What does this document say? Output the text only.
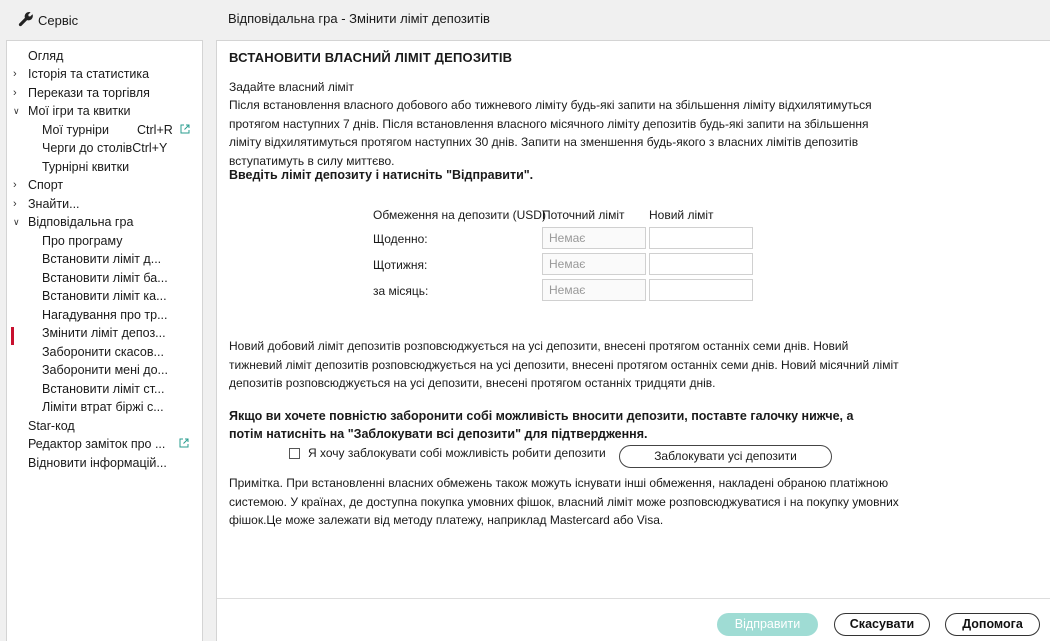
Сервіс	Відповідальна гра - Змінити ліміт депозитів
Огляд
› Історія та статистика
› Перекази та торгівля
∨ Мої ігри та квитки
Мої турніри Ctrl+R
Черги до столівCtrl+Y
Турнірні квитки
› Спорт
› Знайти...
∨ Відповідальна гра
Про програму
Встановити ліміт д...
Встановити ліміт ба...
Встановити ліміт ка...
Нагадування про тр...
Змінити ліміт депоз...
Заборонити скасов...
Заборонити мені до...
Встановити ліміт ст...
Ліміти втрат біржі с...
Star-код
Редактор заміток про ...
Відновити інформацій...
ВСТАНОВИТИ ВЛАСНИЙ ЛІМІТ ДЕПОЗИТІВ
Задайте власний ліміт
Після встановлення власного добового або тижневого ліміту будь-які запити на збільшення ліміту відхилятимуться протягом наступних 7 днів. Після встановлення власного місячного ліміту депозитів будь-які запити на збільшення ліміту відхилятимуться протягом наступних 30 днів. Запити на зменшення будь-якого з власних лімітів депозитів вступатимуть в силу миттєво.
Введіть ліміт депозиту і натисніть "Відправити".
Обмеження на депозити (USD)
Поточний ліміт Новий ліміт
Щоденно:	Немає
Щотижня:	Немає
за місяць:	Немає
Новий добовий ліміт депозитів розповсюджується на усі депозити, внесені протягом останніх семи днів. Новий тижневий ліміт депозитів розповсюджується на усі депозити, внесені протягом останніх семи днів. Новий місячний ліміт депозитів розповсюджується на усі депозити, внесені протягом останніх тридцяти днів.
Якщо ви хочете повністю заборонити собі можливість вносити депозити, поставте галочку нижче, а потім натисніть на "Заблокувати всі депозити" для підтвердження.
Я хочу заблокувати собі можливість робити депозити	Заблокувати усі депозити
Примітка. При встановленні власних обмежень також можуть існувати інші обмеження, накладені обраною платіжною системою. У країнах, де доступна покупка умовних фішок, власний ліміт може розповсюджуватися і на покупку умовних фішок.Це може залежати від методу платежу, наприклад Mastercard або Visa.
Відправити	Скасувати	Допомога
